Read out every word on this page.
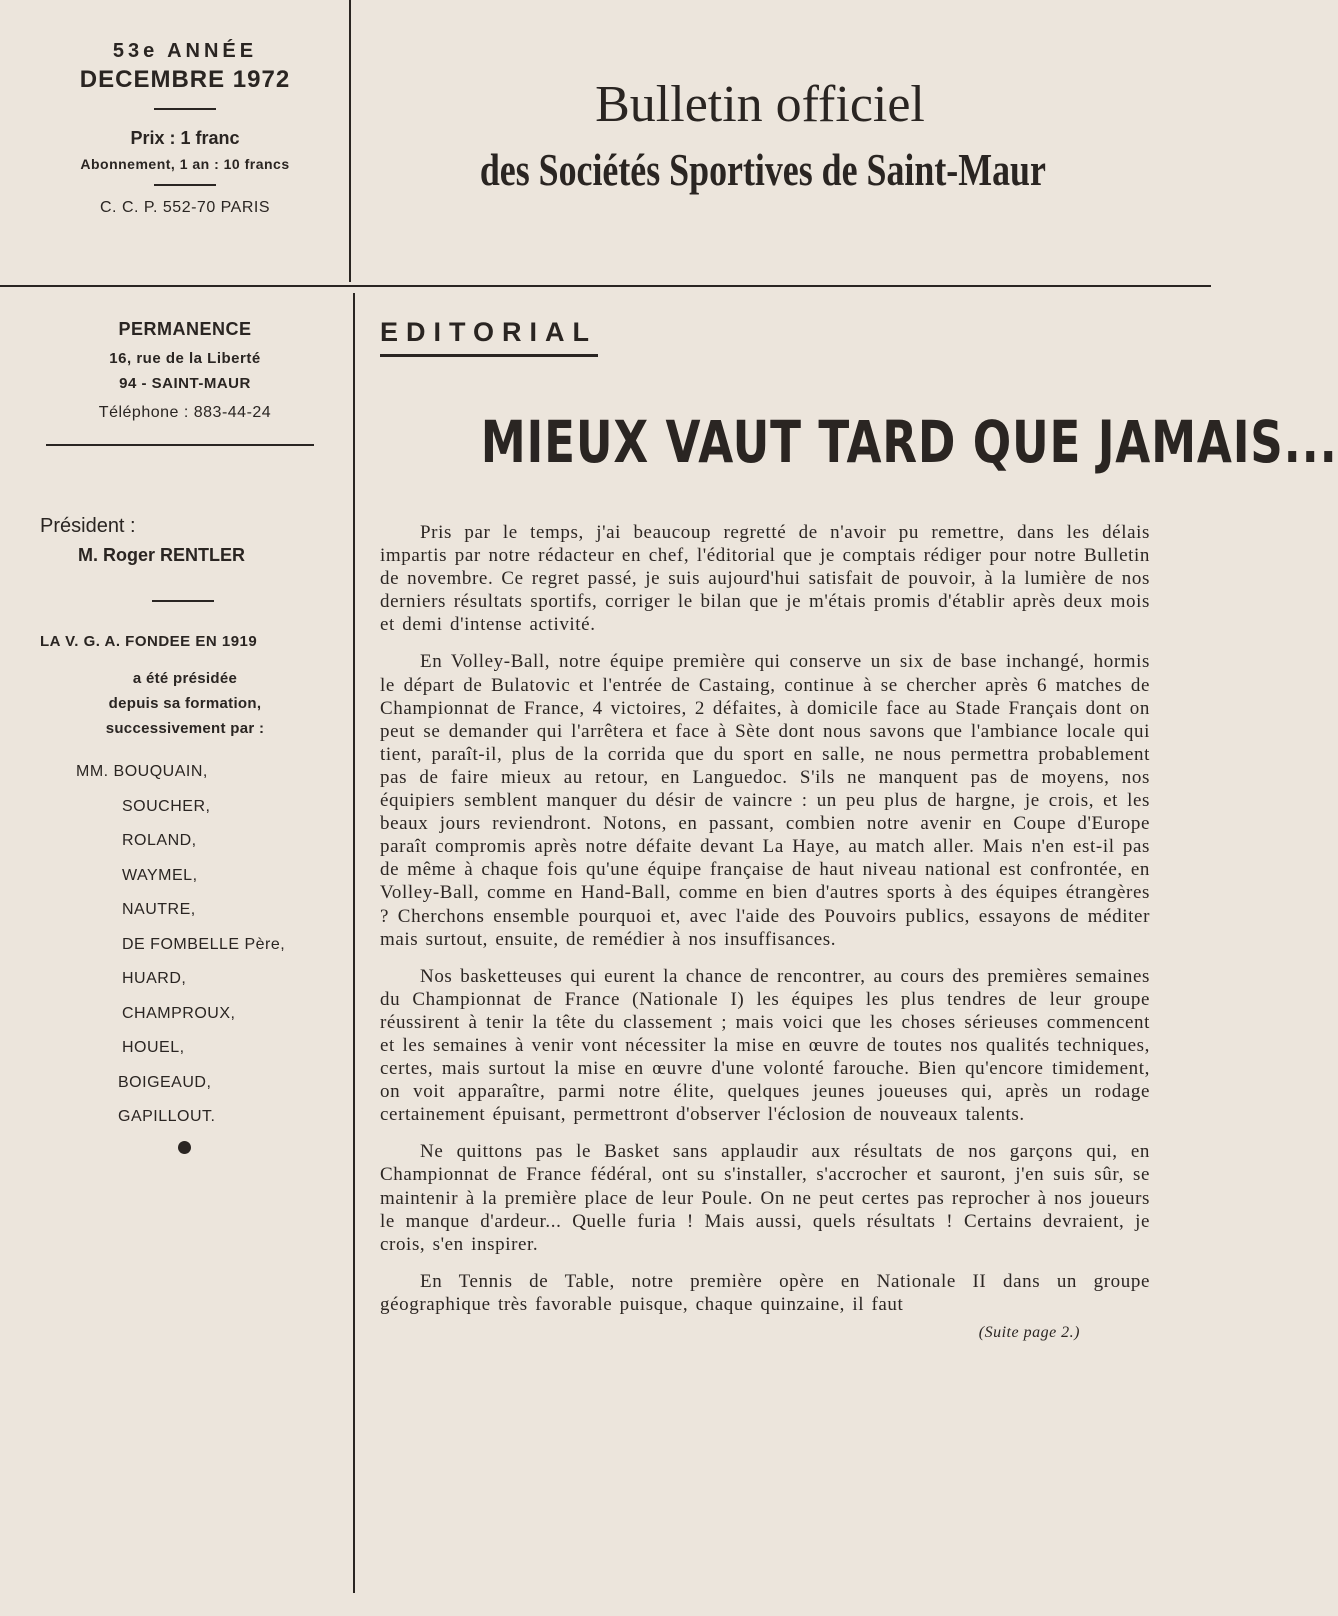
53e ANNÉE
DECEMBRE 1972
Prix : 1 franc
Abonnement, 1 an : 10 francs
C. C. P. 552-70 PARIS
Bulletin officiel
des Sociétés Sportives de Saint-Maur
PERMANENCE
16, rue de la Liberté
94 - SAINT-MAUR
Téléphone : 883-44-24
Président :
M. Roger RENTLER
LA V. G. A. FONDEE EN 1919
a été présidée
depuis sa formation,
successivement par :
MM. BOUQUAIN,
SOUCHER,
ROLAND,
WAYMEL,
NAUTRE,
DE FOMBELLE Père,
HUARD,
CHAMPROUX,
HOUEL,
BOIGEAUD,
GAPILLOUT.
EDITORIAL
MIEUX VAUT TARD QUE JAMAIS...

Pris par le temps, j'ai beaucoup regretté de n'avoir pu remettre, dans les délais impartis par notre rédacteur en chef, l'éditorial que je comptais rédiger pour notre Bulletin de novembre. Ce regret passé, je suis aujourd'hui satisfait de pouvoir, à la lumière de nos derniers résultats sportifs, corriger le bilan que je m'étais promis d'établir après deux mois et demi d'intense activité.

En Volley-Ball, notre équipe première qui conserve un six de base inchangé, hormis le départ de Bulatovic et l'entrée de Castaing, continue à se chercher après 6 matches de Championnat de France, 4 victoires, 2 défaites, à domicile face au Stade Français dont on peut se demander qui l'arrêtera et face à Sète dont nous savons que l'ambiance locale qui tient, paraît-il, plus de la corrida que du sport en salle, ne nous permettra probablement pas de faire mieux au retour, en Languedoc. S'ils ne manquent pas de moyens, nos équipiers semblent manquer du désir de vaincre : un peu plus de hargne, je crois, et les beaux jours reviendront. Notons, en passant, combien notre avenir en Coupe d'Europe paraît compromis après notre défaite devant La Haye, au match aller. Mais n'en est-il pas de même à chaque fois qu'une équipe française de haut niveau national est confrontée, en Volley-Ball, comme en Hand-Ball, comme en bien d'autres sports à des équipes étrangères ? Cherchons ensemble pourquoi et, avec l'aide des Pouvoirs publics, essayons de méditer mais surtout, ensuite, de remédier à nos insuffisances.

Nos basketteuses qui eurent la chance de rencontrer, au cours des premières semaines du Championnat de France (Nationale I) les équipes les plus tendres de leur groupe réussirent à tenir la tête du classement ; mais voici que les choses sérieuses commencent et les semaines à venir vont nécessiter la mise en œuvre de toutes nos qualités techniques, certes, mais surtout la mise en œuvre d'une volonté farouche. Bien qu'encore timidement, on voit apparaître, parmi notre élite, quelques jeunes joueuses qui, après un rodage certainement épuisant, permettront d'observer l'éclosion de nouveaux talents.

Ne quittons pas le Basket sans applaudir aux résultats de nos garçons qui, en Championnat de France fédéral, ont su s'installer, s'accrocher et sauront, j'en suis sûr, se maintenir à la première place de leur Poule. On ne peut certes pas reprocher à nos joueurs le manque d'ardeur... Quelle furia ! Mais aussi, quels résultats ! Certains devraient, je crois, s'en inspirer.

En Tennis de Table, notre première opère en Nationale II dans un groupe géographique très favorable puisque, chaque quinzaine, il faut

(Suite page 2.)
